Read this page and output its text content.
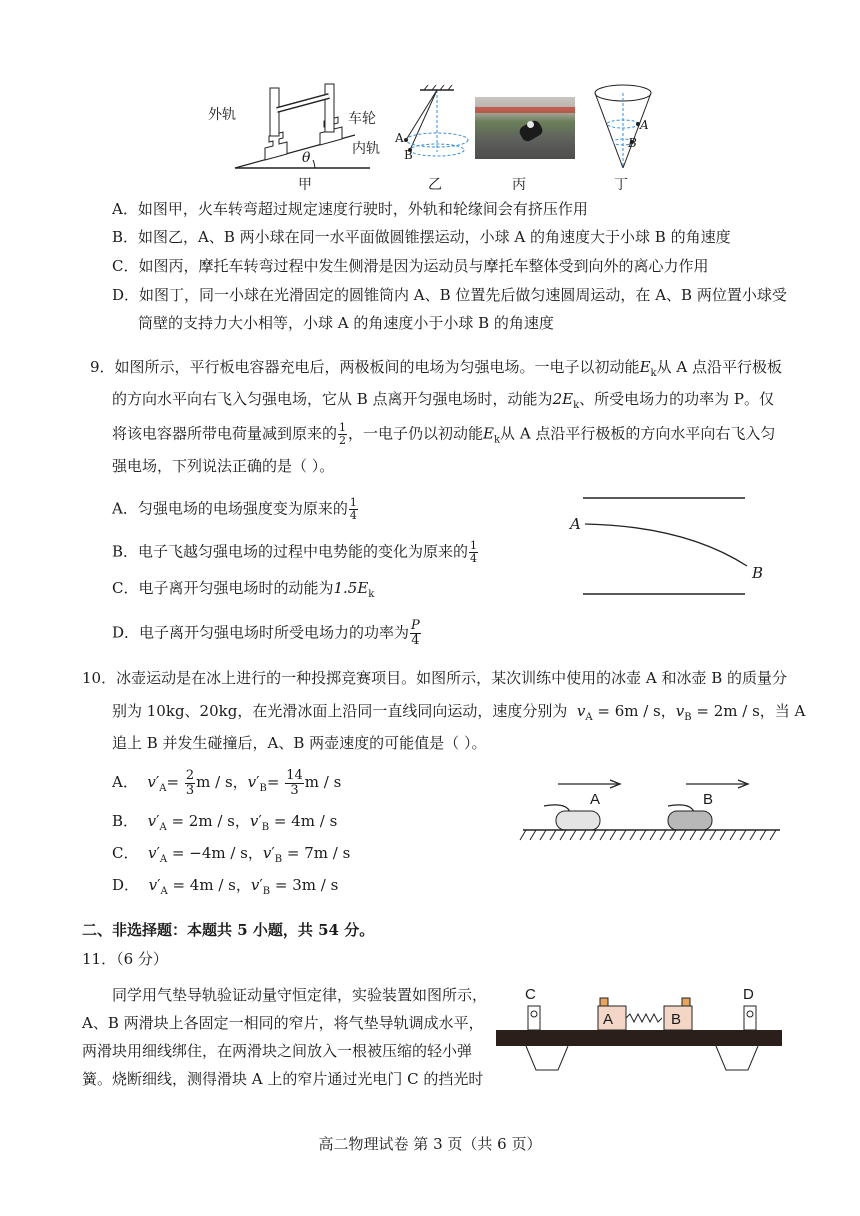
外轨	车轮
内轨
θ
甲
A
B
乙	丙
A
B
丁
A．如图甲，火车转弯超过规定速度行驶时，外轨和轮缘间会有挤压作用
B．如图乙，A、B 两小球在同一水平面做圆锥摆运动，小球 A 的角速度大于小球 B 的角速度
C．如图丙，摩托车转弯过程中发生侧滑是因为运动员与摩托车整体受到向外的离心力作用
D．如图丁，同一小球在光滑固定的圆锥筒内 A、B 位置先后做匀速圆周运动，在 A、B 两位置小球受
筒壁的支持力大小相等，小球 A 的角速度小于小球 B 的角速度
9．如图所示，平行板电容器充电后，两极板间的电场为匀强电场。一电子以初动能$E_k$从 A 点沿平行极板
的方向水平向右飞入匀强电场，它从 B 点离开匀强电场时，动能为$2E_k$、所受电场力的功率为 P。仅
将该电容器所带电荷量减到原来的 $\frac{1}{2}$ ，一电子仍以初动能$E_k$从 A 点沿平行极板的方向水平向右飞入匀
强电场，下列说法正确的是（ ）。
A．匀强电场的电场强度变为原来的 $\frac{1}{4}$
B．电子飞越匀强电场的过程中电势能的变化为原来的 $\frac{1}{4}$
C．电子离开匀强电场时的动能为$1.5E_k$
D．电子离开匀强电场时所受电场力的功率为 $\frac{P}{4}$
A
B
10．冰壶运动是在冰上进行的一种投掷竞赛项目。如图所示，某次训练中使用的冰壶 A 和冰壶 B 的质量分
别为 10kg、20kg，在光滑冰面上沿同一直线同向运动，速度分别为 $v_A = 6m / s$，$v_B = 2m / s$，当 A
追上 B 并发生碰撞后，A、B 两壶速度的可能值是（ ）。
A． $v'_A= \frac{2}{3}$ m / s，$v'_B= \frac{14}{3}$ m / s
B． $v'_A = 2m / s$，$v'_B = 4m / s$
C． $v'_A = -4m / s$，$v'_B = 7m / s$
D． $v'_A = 4m / s$，$v'_B = 3m / s$
A	B
二、非选择题：本题共 5 小题，共 54 分。
11．（6 分）
同学用气垫导轨验证动量守恒定律，实验装置如图所示，
A、B 两滑块上各固定一相同的窄片，将气垫导轨调成水平，
两滑块用细线绑住，在两滑块之间放入一根被压缩的轻小弹
簧。烧断细线，测得滑块 A 上的窄片通过光电门 C 的挡光时
C	D
A	B
高二物理试卷 第 3 页（共 6 页）
